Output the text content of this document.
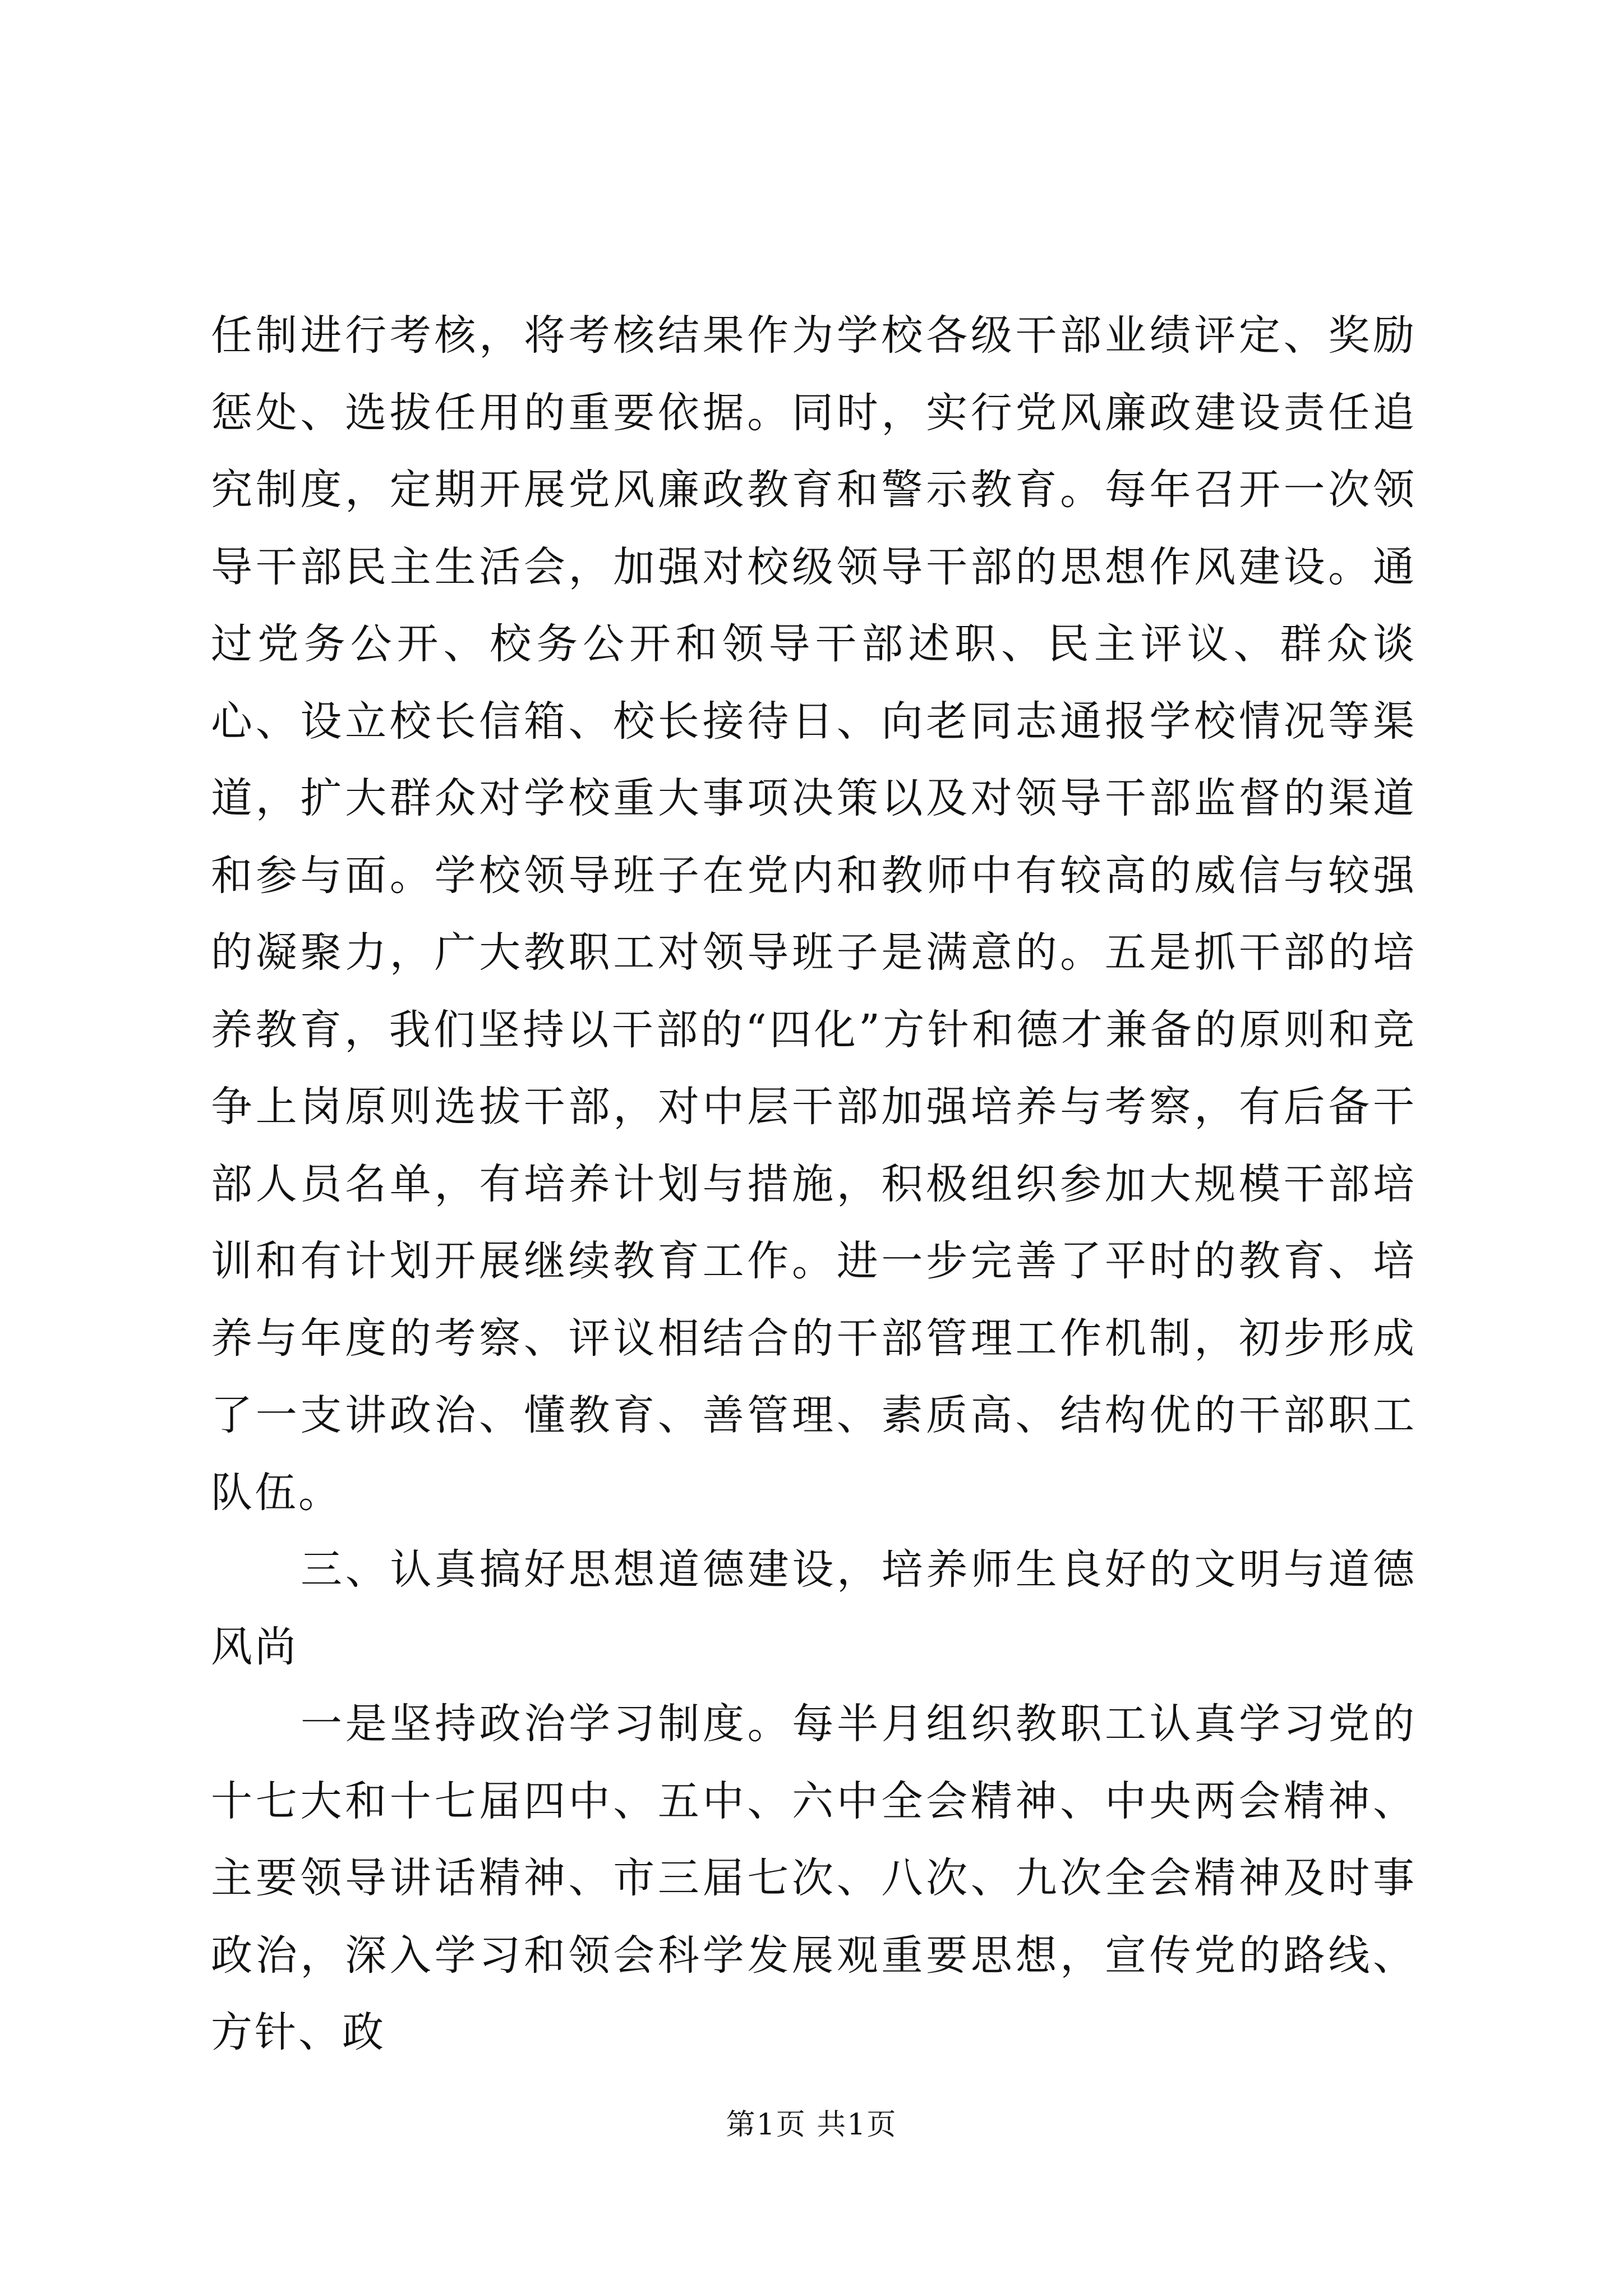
任制进行考核，将考核结果作为学校各级干部业绩评定、奖励惩处、选拔任用的重要依据。同时，实行党风廉政建设责任追究制度，定期开展党风廉政教育和警示教育。每年召开一次领导干部民主生活会，加强对校级领导干部的思想作风建设。通过党务公开、校务公开和领导干部述职、民主评议、群众谈心、设立校长信箱、校长接待日、向老同志通报学校情况等渠道，扩大群众对学校重大事项决策以及对领导干部监督的渠道和参与面。学校领导班子在党内和教师中有较高的威信与较强的凝聚力，广大教职工对领导班子是满意的。五是抓干部的培养教育，我们坚持以干部的“四化”方针和德才兼备的原则和竞争上岗原则选拔干部，对中层干部加强培养与考察，有后备干部人员名单，有培养计划与措施，积极组织参加大规模干部培训和有计划开展继续教育工作。进一步完善了平时的教育、培养与年度的考察、评议相结合的干部管理工作机制，初步形成了一支讲政治、懂教育、善管理、素质高、结构优的干部职工队伍。

三、认真搞好思想道德建设，培养师生良好的文明与道德风尚

一是坚持政治学习制度。每半月组织教职工认真学习党的十七大和十七届四中、五中、六中全会精神、中央两会精神、主要领导讲话精神、市三届七次、八次、九次全会精神及时事政治，深入学习和领会科学发展观重要思想，宣传党的路线、方针、政

第1页 共1页
